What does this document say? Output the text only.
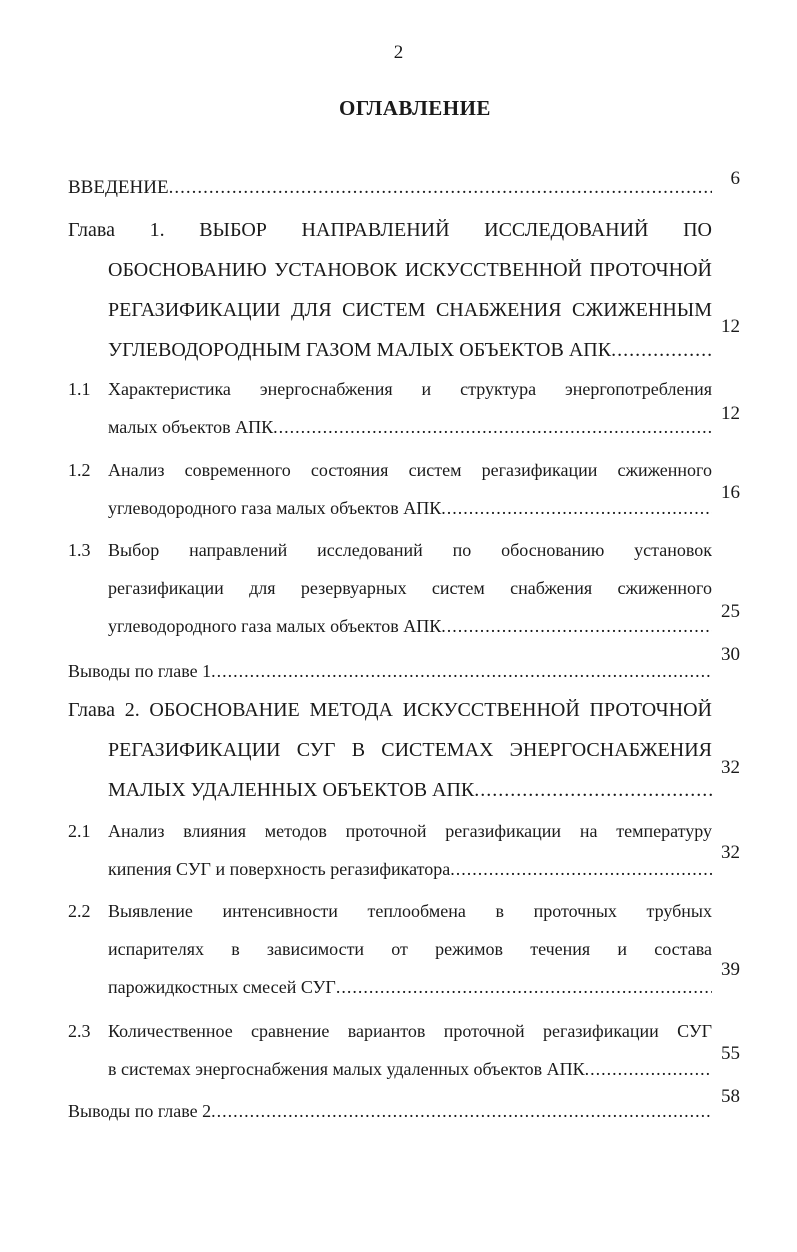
2
ОГЛАВЛЕНИЕ
ВВЕДЕНИЕ
.....	6
Глава 1. ВЫБОР НАПРАВЛЕНИЙ ИССЛЕДОВАНИЙ ПО
ОБОСНОВАНИЮ УСТАНОВОК ИСКУССТВЕННОЙ ПРОТОЧНОЙ
РЕГАЗИФИКАЦИИ ДЛЯ СИСТЕМ СНАБЖЕНИЯ СЖИЖЕННЫМ
УГЛЕВОДОРОДНЫМ ГАЗОМ МАЛЫХ ОБЪЕКТОВ АПК
.....
12
1.1 Характеристика энергоснабжения и структура энергопотребления
малых объектов АПК
.....
12
1.2 Анализ современного состояния систем регазификации сжиженного
углеводородного газа малых объектов АПК
.....
16
1.3 Выбор направлений исследований по обоснованию установок
регазификации для резервуарных систем снабжения сжиженного
углеводородного газа малых объектов АПК
.....
25
Выводы по главе 1
.....
30
Глава 2. ОБОСНОВАНИЕ МЕТОДА ИСКУССТВЕННОЙ ПРОТОЧНОЙ
РЕГАЗИФИКАЦИИ СУГ В СИСТЕМАХ ЭНЕРГОСНАБЖЕНИЯ
МАЛЫХ УДАЛЕННЫХ ОБЪЕКТОВ АПК
.....
32
2.1 Анализ влияния методов проточной регазификации на температуру
кипения СУГ и поверхность регазификатора
.....
32
2.2 Выявление интенсивности теплообмена в проточных трубных
испарителях в зависимости от режимов течения и состава
парожидкостных смесей СУГ
.....
39
2.3 Количественное сравнение вариантов проточной регазификации СУГ
в системах энергоснабжения малых удаленных объектов АПК
.....
55
Выводы по главе 2
.....
58
